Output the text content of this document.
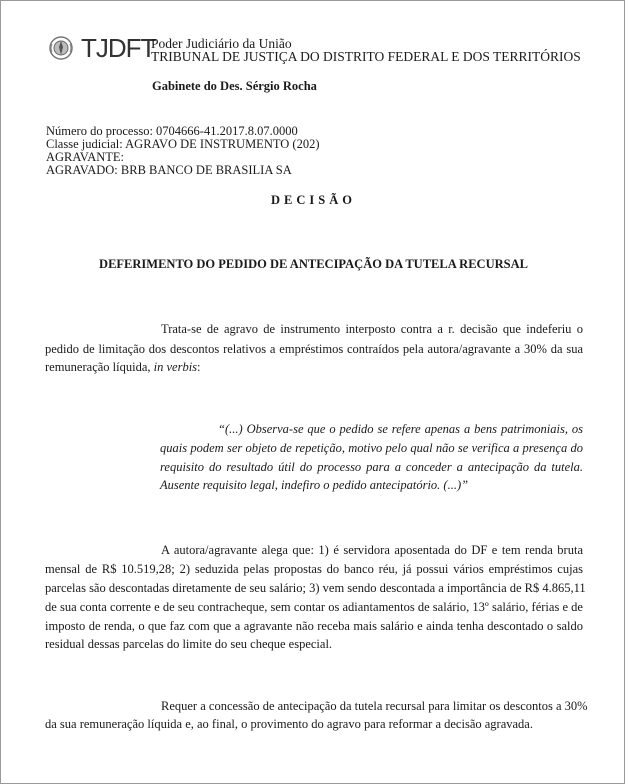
TJDFT
Poder Judiciário da União
TRIBUNAL DE JUSTIÇA DO DISTRITO FEDERAL E DOS TERRITÓRIOS
Gabinete do Des. Sérgio Rocha
Número do processo: 0704666-41.2017.8.07.0000
Classe judicial: AGRAVO DE INSTRUMENTO (202)
AGRAVANTE:
AGRAVADO: BRB BANCO DE BRASILIA SA
DECISÃO
DEFERIMENTO DO PEDIDO DE ANTECIPAÇÃO DA TUTELA RECURSAL
Trata-se de agravo de instrumento interposto contra a r. decisão que indeferiu o
pedido de limitação dos descontos relativos a empréstimos contraídos pela autora/agravante a 30% da sua
remuneração líquida, in verbis:
“(...) Observa-se que o pedido se refere apenas a bens patrimoniais, os
quais podem ser objeto de repetição, motivo pelo qual não se verifica a presença do
requisito do resultado útil do processo para a conceder a antecipação da tutela.
Ausente requisito legal, indefiro o pedido antecipatório. (...)”
A autora/agravante alega que: 1) é servidora aposentada do DF e tem renda bruta
mensal de R$ 10.519,28; 2) seduzida pelas propostas do banco réu, já possui vários empréstimos cujas
parcelas são descontadas diretamente de seu salário; 3) vem sendo descontada a importância de R$ 4.865,11
de sua conta corrente e de seu contracheque, sem contar os adiantamentos de salário, 13º salário, férias e de
imposto de renda, o que faz com que a agravante não receba mais salário e ainda tenha descontado o saldo
residual dessas parcelas do limite do seu cheque especial.
Requer a concessão de antecipação da tutela recursal para limitar os descontos a 30%
da sua remuneração líquida e, ao final, o provimento do agravo para reformar a decisão agravada.
